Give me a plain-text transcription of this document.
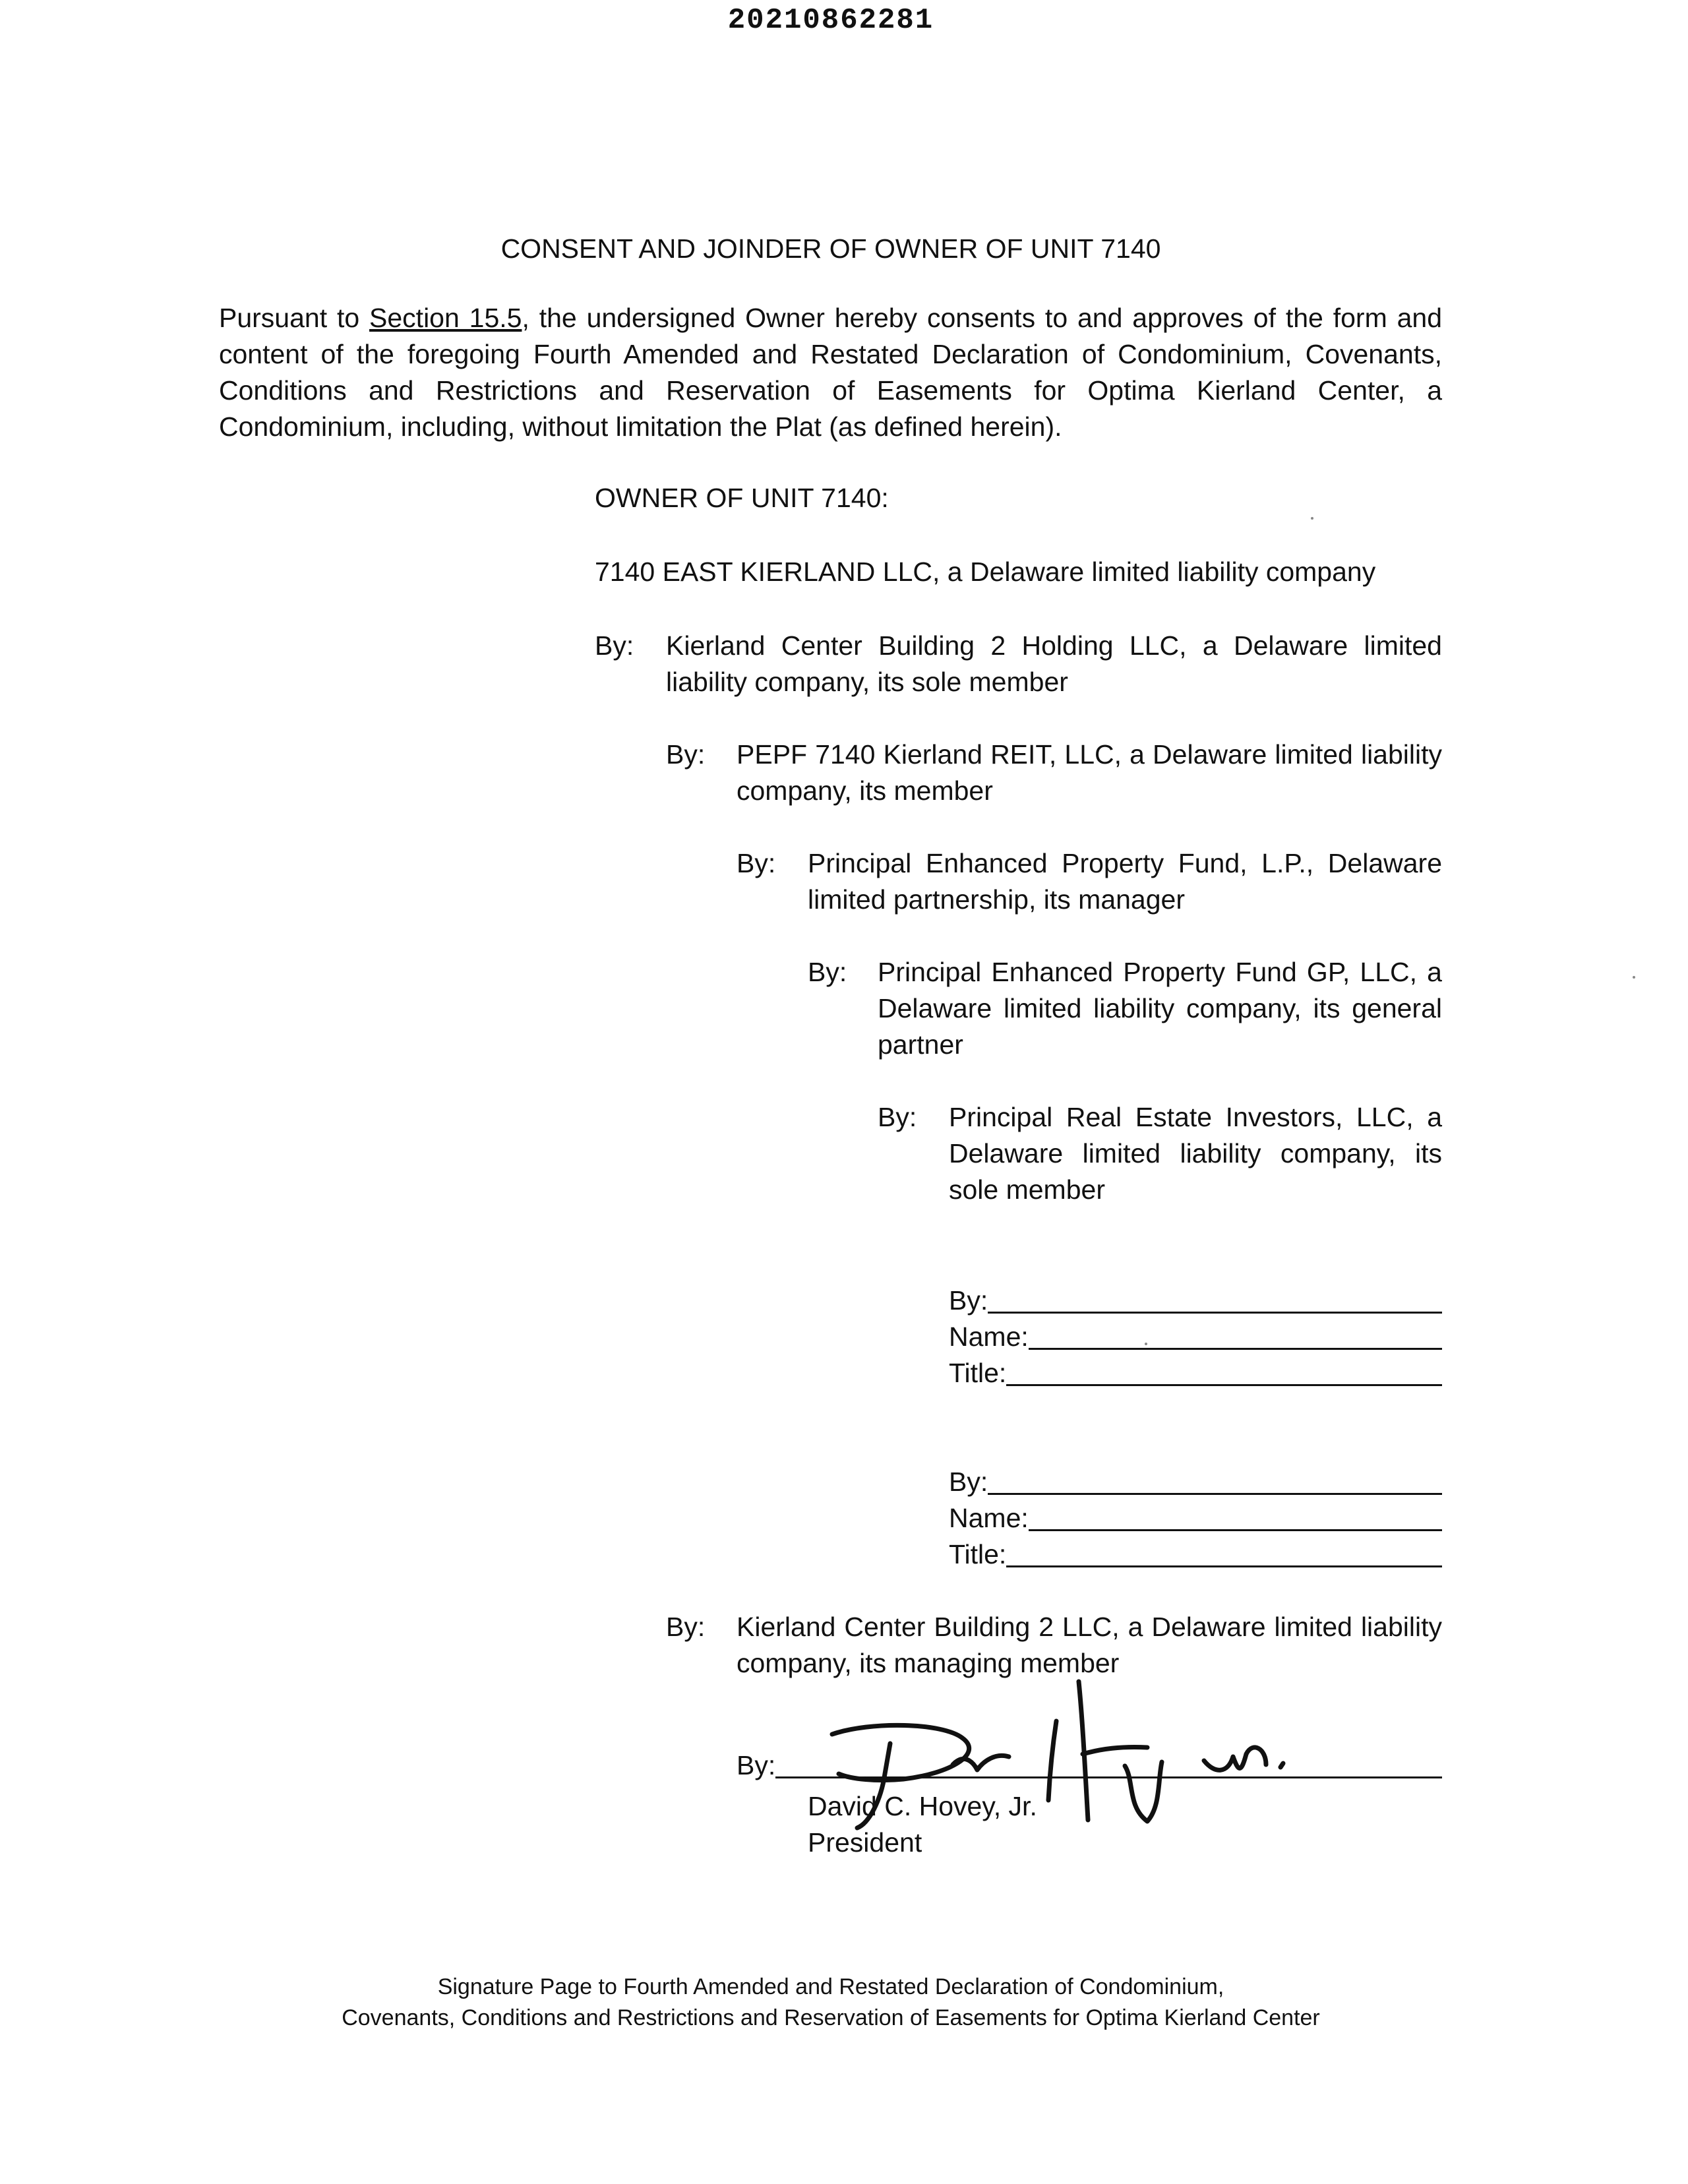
20210862281
CONSENT AND JOINDER OF OWNER OF UNIT 7140
Pursuant to Section 15.5, the undersigned Owner hereby consents to and approves of the form and content of the foregoing Fourth Amended and Restated Declaration of Condominium, Covenants, Conditions and Restrictions and Reservation of Easements for Optima Kierland Center, a Condominium, including, without limitation the Plat (as defined herein).
OWNER OF UNIT 7140:
7140 EAST KIERLAND LLC, a Delaware limited liability company
By: Kierland Center Building 2 Holding LLC, a Delaware limited liability company, its sole member
By: PEPF 7140 Kierland REIT, LLC, a Delaware limited liability company, its member
By: Principal Enhanced Property Fund, L.P., Delaware limited partnership, its manager
By: Principal Enhanced Property Fund GP, LLC, a Delaware limited liability company, its general partner
By: Principal Real Estate Investors, LLC, a Delaware limited liability company, its sole member
By:
Name:
Title:
By:
Name:
Title:
By: Kierland Center Building 2 LLC, a Delaware limited liability company, its managing member
By:
David C. Hovey, Jr.
President
Signature Page to Fourth Amended and Restated Declaration of Condominium,
Covenants, Conditions and Restrictions and Reservation of Easements for Optima Kierland Center
